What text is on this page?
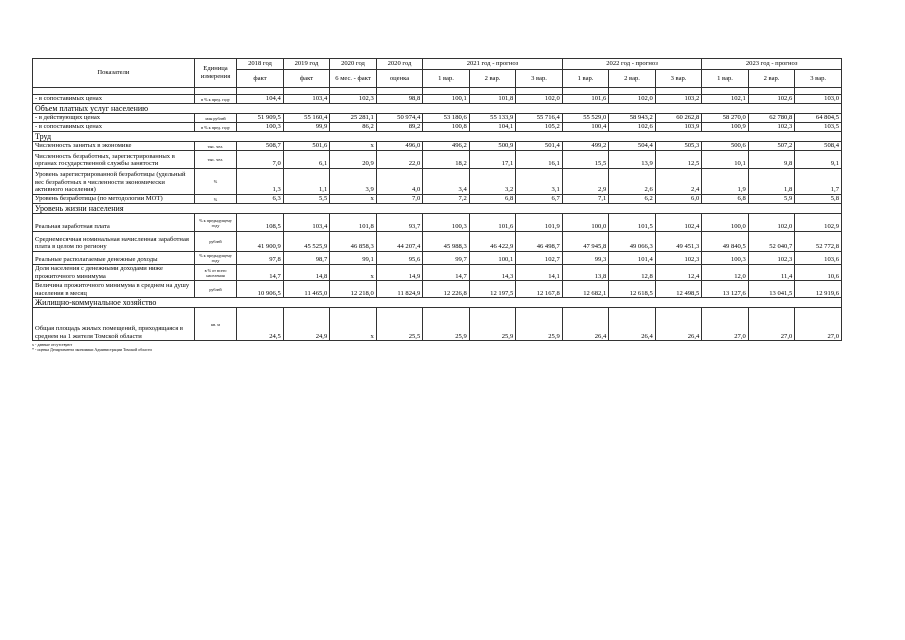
Показатели	Единица измерения	2018 год	2019 год	2020 год	2020 год	2021 год - прогноз			2022 год - прогноз			2023 год - прогноз		
		факт	факт	6 мес. - факт	оценка	1 вар.	2 вар.	3 вар.	1 вар.	2 вар.	3 вар.	1 вар.	2 вар.	3 вар.

- в сопоставимых ценах	в % к пред. году	104,4	103,4	102,3	98,8	100,1	101,8	102,0	101,6	102,0	103,2	102,1	102,6	103,0
Объем платных услуг населению														
- в действующих ценах	млн рублей	51 909,5	55 160,4	25 281,1	50 974,4	53 180,6	55 133,9	55 716,4	55 529,0	58 943,2	60 262,8	58 270,0	62 780,8	64 804,5
- в сопоставимых ценах	в % к пред. году	100,3	99,9	86,2	89,2	100,8	104,1	105,2	100,4	102,6	103,9	100,9	102,3	103,5
Труд														
Численность занятых в экономике	тыс. чел.	508,7	501,6	x	496,0	496,2	500,9	501,4	499,2	504,4	505,3	500,6	507,2	508,4
Численность безработных, зарегистрированных в органах государственной службы занятости	тыс. чел.	7,0	6,1	20,9	22,0	18,2	17,1	16,1	15,5	13,9	12,5	10,1	9,8	9,1
Уровень зарегистрированной безработицы (удельный вес безработных в численности экономически активного населения)	%	1,3	1,1	3,9	4,0	3,4	3,2	3,1	2,9	2,6	2,4	1,9	1,8	1,7
Уровень безработицы (по методологии МОТ)	%	6,3	5,5	x	7,0	7,2	6,8	6,7	7,1	6,2	6,0	6,8	5,9	5,8
Уровень жизни населения														
Реальная заработная плата	% к предыдущему году	108,5	103,4	101,8	93,7	100,3	101,6	101,9	100,0	101,5	102,4	100,0	102,0	102,9
Среднемесячная номинальная начисленная заработная плата в целом по региону	рублей	41 900,9	45 525,9	46 858,3	44 207,4	45 988,3	46 422,9	46 498,7	47 945,8	49 066,3	49 451,3	49 840,5	52 040,7	52 772,8
Реальные располагаемые денежные доходы	% к предыдущему году	97,8	98,7	99,1	95,6	99,7	100,1	102,7	99,3	101,4	102,3	100,3	102,3	103,6
Доля населения с денежными доходами ниже прожиточного минимума	в % от всего населения	14,7	14,8	x	14,9	14,7	14,3	14,1	13,8	12,8	12,4	12,0	11,4	10,6
Величина прожиточного минимума в среднем на душу населения в месяц	рублей	10 906,5	11 465,0	12 218,0	11 824,9	12 226,8	12 197,5	12 167,8	12 682,1	12 618,5	12 498,5	13 127,6	13 041,5	12 919,6
Жилищно-коммунальное хозяйство														
Общая площадь жилых помещений, приходящаяся в среднем на 1 жителя Томской области	кв. м	24,5	24,9	x	25,5	25,9	25,9	25,9	26,4	26,4	26,4	27,0	27,0	27,0
х - данные отсутствуют
* - оценка Департамента экономики Администрации Томской области
